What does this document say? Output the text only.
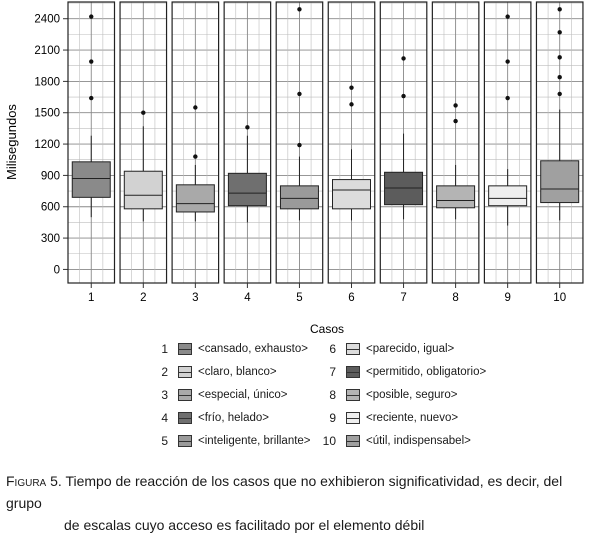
Milisegundos
0
300
600
900
1200
1500
1800
2100
2400
1	2	3	4	5	6	7	8	9	10
Casos
1	<cansado, exhausto>
2	<claro, blanco>
3	<especial, único>
4	<frío, helado>
5	<inteligente, brillante>
6	<parecido, igual>
7	<permitido, obligatorio>
8	<posible, seguro>
9	<reciente, nuevo>
10	<útil, indispensabel>
Figura 5. Tiempo de reacción de los casos que no exhibieron significatividad, es decir, del grupo
de escalas cuyo acceso es facilitado por el elemento débil
